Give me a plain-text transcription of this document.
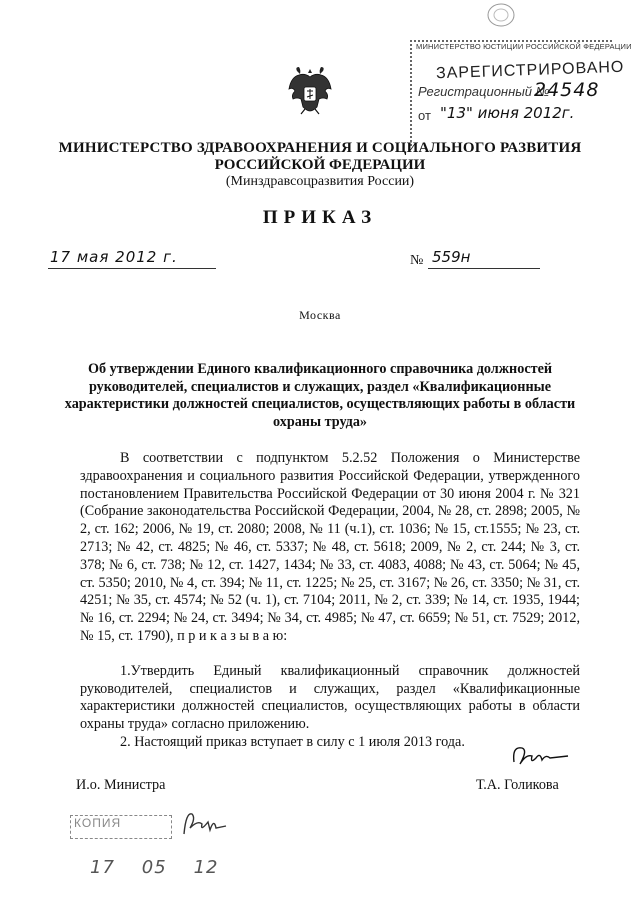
МИНИСТЕРСТВО ЮСТИЦИИ РОССИЙСКОЙ ФЕДЕРАЦИИ
ЗАРЕГИСТРИРОВАНО
Регистрационный №
24548
от "13" июня 2012г.
МИНИСТЕРСТВО ЗДРАВООХРАНЕНИЯ И СОЦИАЛЬНОГО РАЗВИТИЯ
РОССИЙСКОЙ ФЕДЕРАЦИИ
(Минздравсоцразвития России)
ПРИКАЗ
17 мая 2012 г.	№ 559н
Москва
Об утверждении Единого квалификационного справочника должностей руководителей, специалистов и служащих, раздел «Квалификационные характеристики должностей специалистов, осуществляющих работы в области охраны труда»

В соответствии с подпунктом 5.2.52 Положения о Министерстве здравоохранения и социального развития Российской Федерации, утвержденного постановлением Правительства Российской Федерации от 30 июня 2004 г. № 321 (Собрание законодательства Российской Федерации, 2004, № 28, ст. 2898; 2005, № 2, ст. 162; 2006, № 19, ст. 2080; 2008, № 11 (ч.1), ст. 1036; № 15, ст.1555; № 23, ст. 2713; № 42, ст. 4825; № 46, ст. 5337; № 48, ст. 5618; 2009, № 2, ст. 244; № 3, ст. 378; № 6, ст. 738; № 12, ст. 1427, 1434; № 33, ст. 4083, 4088; № 43, ст. 5064; № 45, ст. 5350; 2010, № 4, ст. 394; № 11, ст. 1225; № 25, ст. 3167; № 26, ст. 3350; № 31, ст. 4251; № 35, ст. 4574; № 52 (ч. 1), ст. 7104; 2011, № 2, ст. 339; № 14, ст. 1935, 1944; № 16, ст. 2294; № 24, ст. 3494; № 34, ст. 4985; № 47, ст. 6659; № 51, ст. 7529; 2012, № 15, ст. 1790), п р и к а з ы в а ю:

1.Утвердить Единый квалификационный справочник должностей руководителей, специалистов и служащих, раздел «Квалификационные характеристики должностей специалистов, осуществляющих работы в области охраны труда» согласно приложению.

2. Настоящий приказ вступает в силу с 1 июля 2013 года.

И.о. Министра	Т.А. Голикова
КОПИЯ
17    05    12
